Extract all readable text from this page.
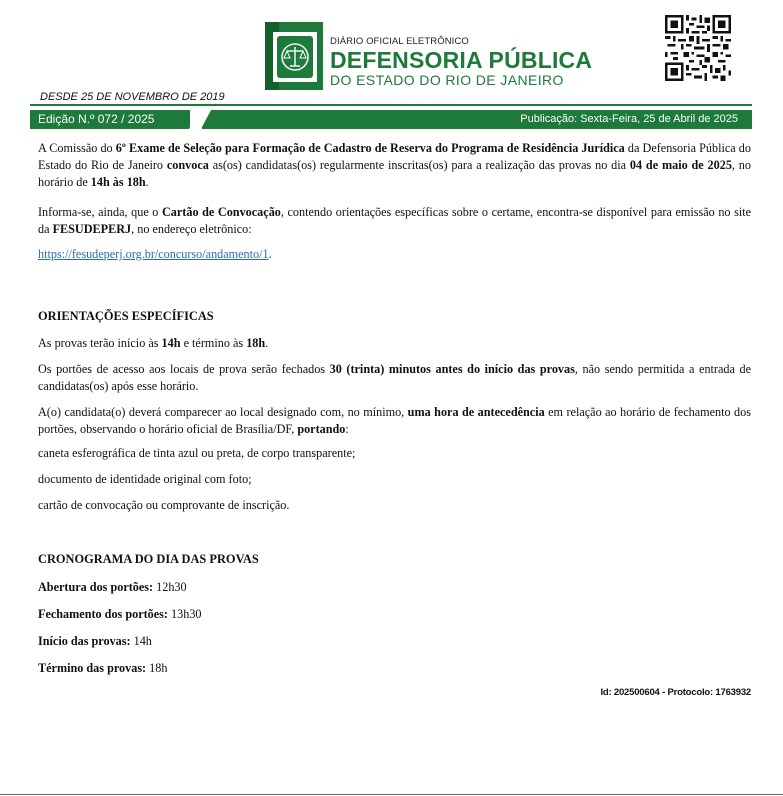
DIÁRIO OFICIAL ELETRÔNICO
DEFENSORIA PÚBLICA
DO ESTADO DO RIO DE JANEIRO
DESDE 25 DE NOVEMBRO DE 2019
Edição N.º 072 / 2025	Publicação: Sexta-Feira, 25 de Abril de 2025

A Comissão do 6º Exame de Seleção para Formação de Cadastro de Reserva do Programa de Residência Jurídica da Defensoria Pública do Estado do Rio de Janeiro convoca as(os) candidatas(os) regularmente inscritas(os) para a realização das provas no dia 04 de maio de 2025, no horário de 14h às 18h.

Informa-se, ainda, que o Cartão de Convocação, contendo orientações específicas sobre o certame, encontra-se disponível para emissão no site da FESUDEPERJ, no endereço eletrônico:

https://fesudeperj.org.br/concurso/andamento/1.

ORIENTAÇÕES ESPECÍFICAS

As provas terão início às 14h e término às 18h.

Os portões de acesso aos locais de prova serão fechados 30 (trinta) minutos antes do início das provas, não sendo permitida a entrada de candidatas(os) após esse horário.

A(o) candidata(o) deverá comparecer ao local designado com, no mínimo, uma hora de antecedência em relação ao horário de fechamento dos portões, observando o horário oficial de Brasília/DF, portando:

caneta esferográfica de tinta azul ou preta, de corpo transparente;

documento de identidade original com foto;

cartão de convocação ou comprovante de inscrição.

CRONOGRAMA DO DIA DAS PROVAS

Abertura dos portões: 12h30

Fechamento dos portões: 13h30

Início das provas: 14h

Término das provas: 18h

Id: 202500604 - Protocolo: 1763932
